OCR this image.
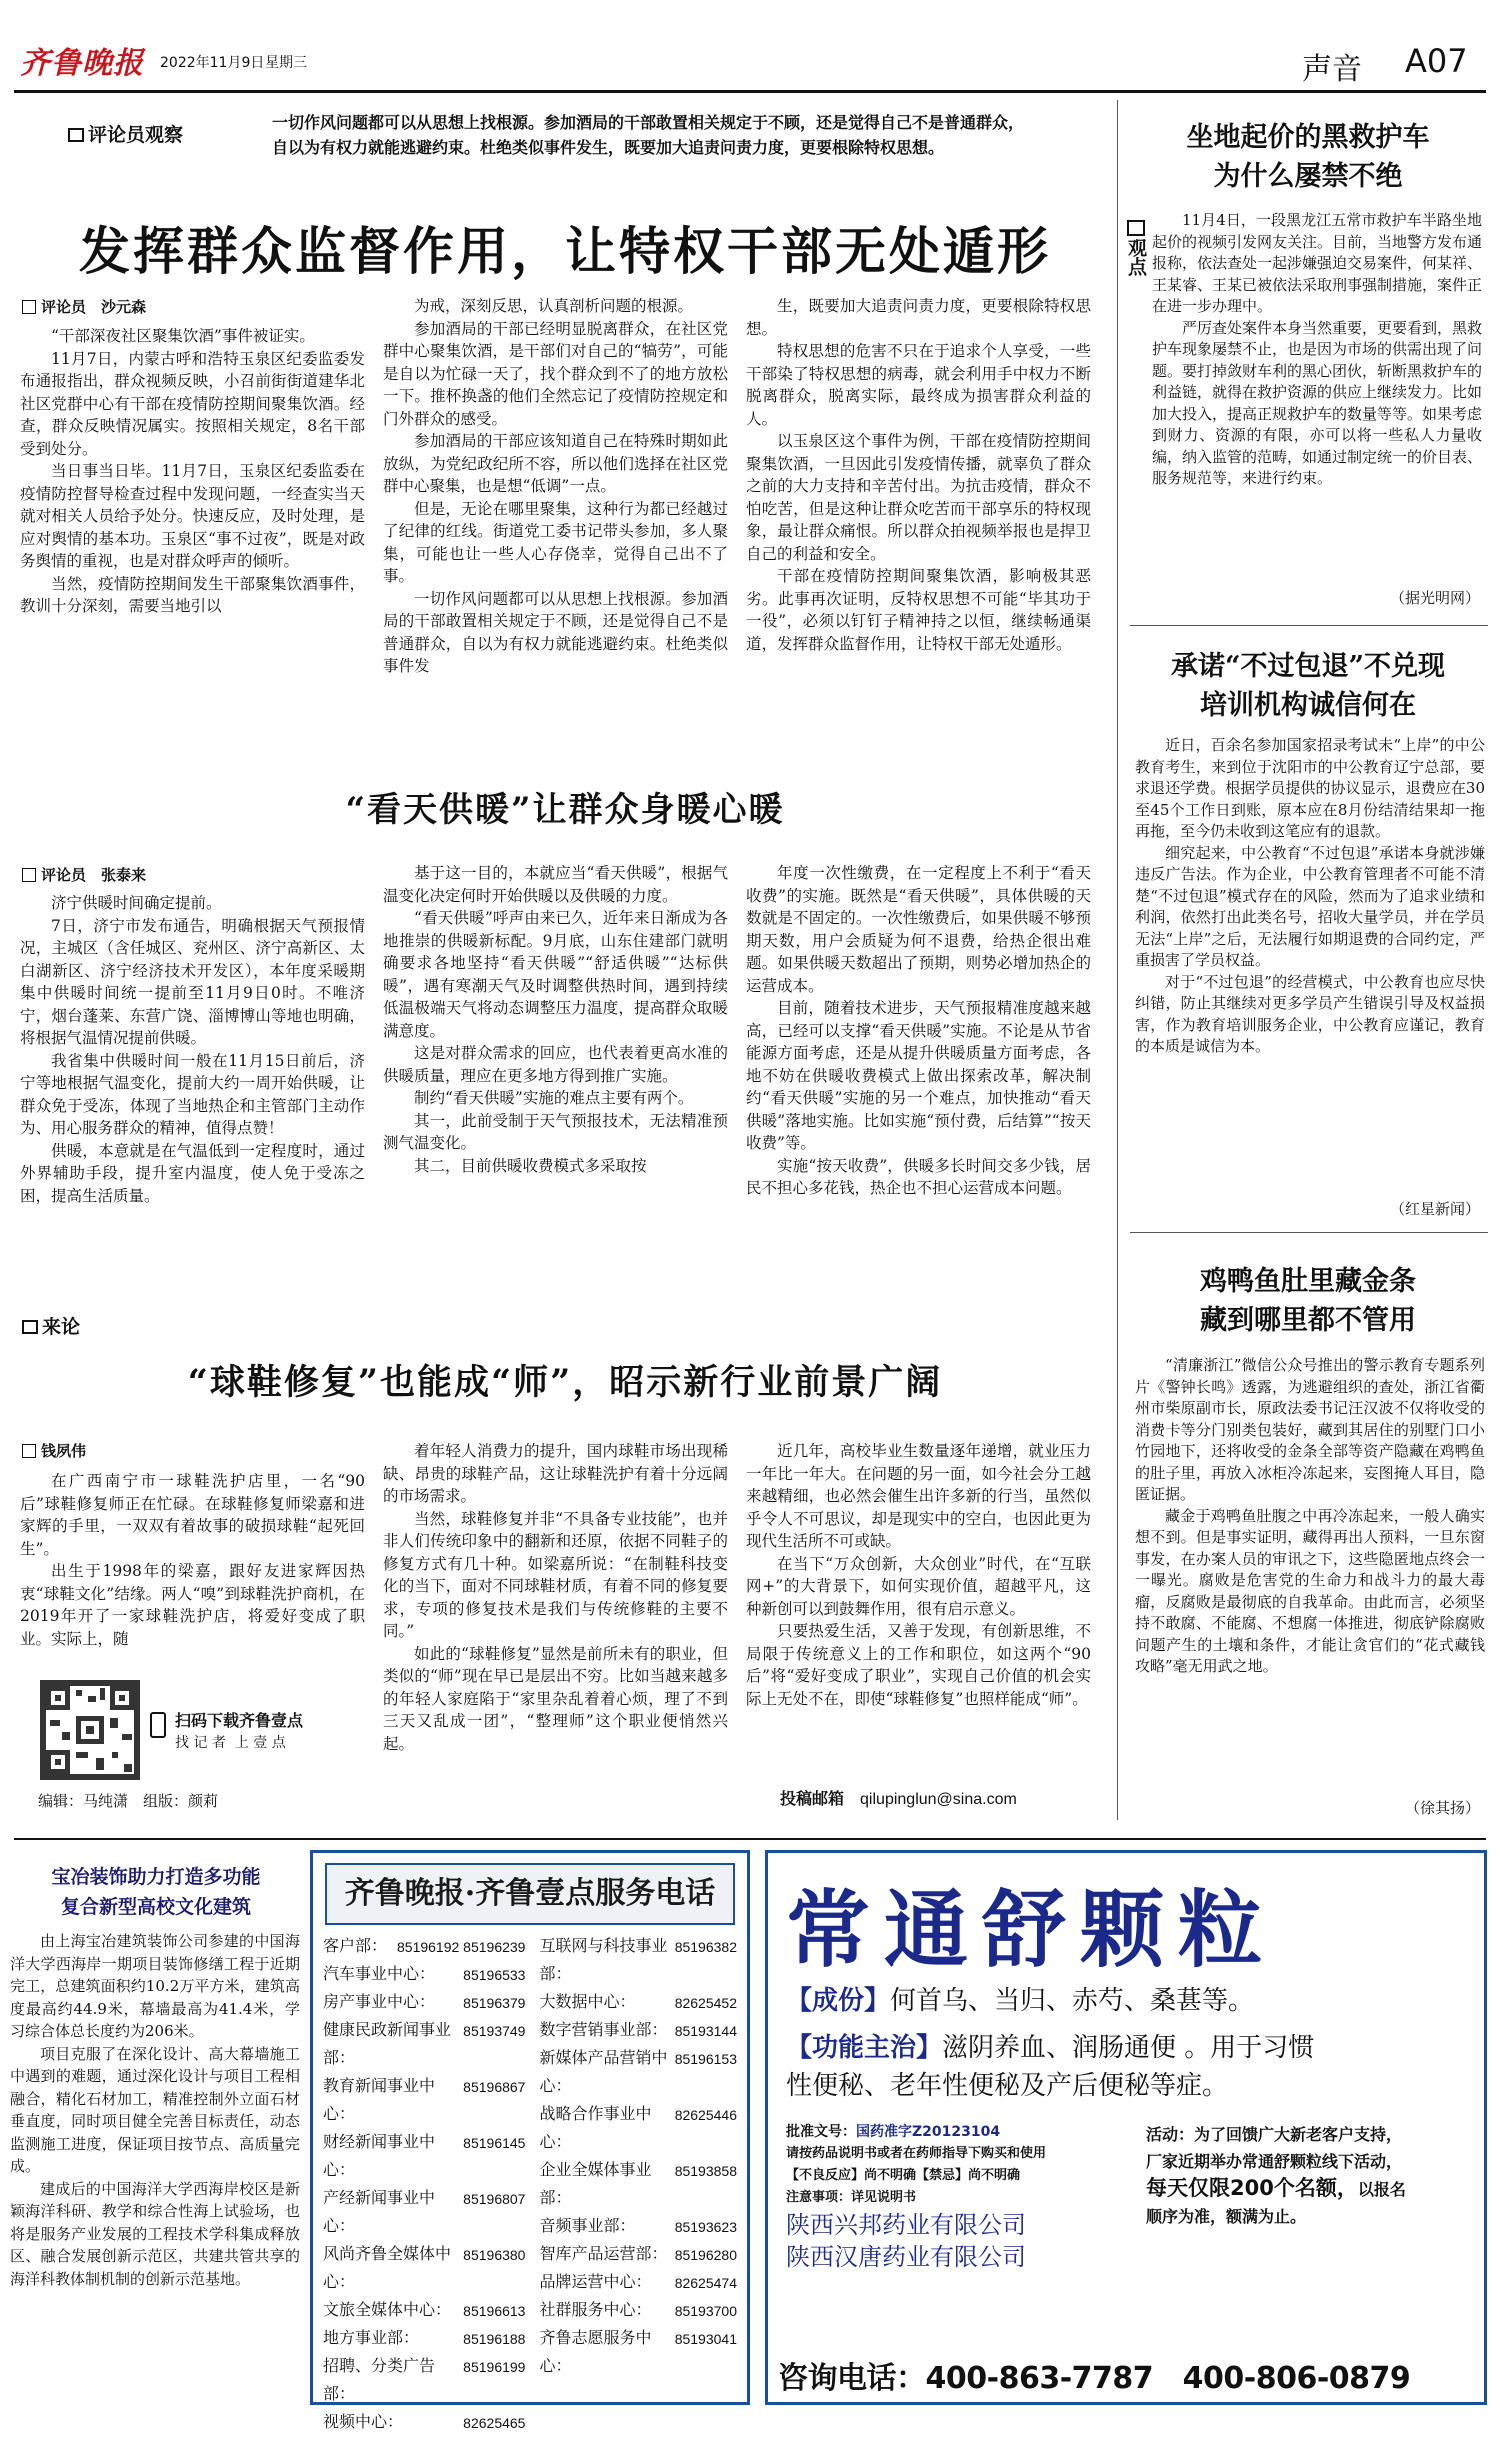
齐鲁晚报 2022年11月9日 星期三	声音 A07
评论员观察
一切作风问题都可以从思想上找根源。参加酒局的干部敢置相关规定于不顾，还是觉得自己不是普通群众，自以为有权力就能逃避约束。杜绝类似事件发生，既要加大追责问责力度，更要根除特权思想。
发挥群众监督作用，让特权干部无处遁形
评论员　 沙元森

“干部深夜社区聚集饮酒”事件被证实。

11月7日，内蒙古呼和浩特玉泉区纪委监委发布通报指出，群众视频反映，小召前街街道建华北社区党群中心有干部在疫情防控期间聚集饮酒。经查，群众反映情况属实。按照相关规定，8名干部受到处分。

当日事当日毕。11月7日，玉泉区纪委监委在疫情防控督导检查过程中发现问题，一经查实当天就对相关人员给予处分。快速反应，及时处理，是应对舆情的基本功。玉泉区“事不过夜”，既是对政务舆情的重视，也是对群众呼声的倾听。

当然，疫情防控期间发生干部聚集饮酒事件，教训十分深刻，需要当地引以

为戒，深刻反思，认真剖析问题的根源。

参加酒局的干部已经明显脱离群众，在社区党群中心聚集饮酒，是干部们对自己的“犒劳”，可能是自以为忙碌一天了，找个群众到不了的地方放松一下。推杯换盏的他们全然忘记了疫情防控规定和门外群众的感受。

参加酒局的干部应该知道自己在特殊时期如此放纵，为党纪政纪所不容，所以他们选择在社区党群中心聚集，也是想“低调”一点。

但是，无论在哪里聚集，这种行为都已经越过了纪律的红线。街道党工委书记带头参加，多人聚集，可能也让一些人心存侥幸，觉得自己出不了事。

一切作风问题都可以从思想上找根源。参加酒局的干部敢置相关规定于不顾，还是觉得自己不是普通群众，自以为有权力就能逃避约束。杜绝类似事件发

生，既要加大追责问责力度，更要根除特权思想。

特权思想的危害不只在于追求个人享受，一些干部染了特权思想的病毒，就会利用手中权力不断脱离群众，脱离实际，最终成为损害群众利益的人。

以玉泉区这个事件为例，干部在疫情防控期间聚集饮酒，一旦因此引发疫情传播，就辜负了群众之前的大力支持和辛苦付出。为抗击疫情，群众不怕吃苦，但是这种让群众吃苦而干部享乐的特权现象，最让群众痛恨。所以群众拍视频举报也是捍卫自己的利益和安全。

干部在疫情防控期间聚集饮酒，影响极其恶劣。此事再次证明，反特权思想不可能“毕其功于一役”，必须以钉钉子精神持之以恒，继续畅通渠道，发挥群众监督作用，让特权干部无处遁形。

“看天供暖”让群众身暖心暖
评论员　 张泰来

济宁供暖时间确定提前。

7日，济宁市发布通告，明确根据天气预报情况，主城区（含任城区、兖州区、济宁高新区、太白湖新区、济宁经济技术开发区），本年度采暖期集中供暖时间统一提前至11月9日0时。不唯济宁，烟台蓬莱、东营广饶、淄博博山等地也明确，将根据气温情况提前供暖。

我省集中供暖时间一般在11月15日前后，济宁等地根据气温变化，提前大约一周开始供暖，让群众免于受冻，体现了当地热企和主管部门主动作为、用心服务群众的精神，值得点赞！

供暖，本意就是在气温低到一定程度时，通过外界辅助手段，提升室内温度，使人免于受冻之困，提高生活质量。

基于这一目的，本就应当“看天供暖”，根据气温变化决定何时开始供暖以及供暖的力度。

“看天供暖”呼声由来已久，近年来日渐成为各地推崇的供暖新标配。9月底，山东住建部门就明确要求各地坚持“看天供暖”“舒适供暖”“达标供暖”，遇有寒潮天气及时调整供热时间，遇到持续低温极端天气将动态调整压力温度，提高群众取暖满意度。

这是对群众需求的回应，也代表着更高水准的供暖质量，理应在更多地方得到推广实施。

制约“看天供暖”实施的难点主要有两个。

其一，此前受制于天气预报技术，无法精准预测气温变化。

其二，目前供暖收费模式多采取按

年度一次性缴费，在一定程度上不利于“看天收费”的实施。既然是“看天供暖”，具体供暖的天数就是不固定的。一次性缴费后，如果供暖不够预期天数，用户会质疑为何不退费，给热企很出难题。如果供暖天数超出了预期，则势必增加热企的运营成本。

目前，随着技术进步，天气预报精准度越来越高，已经可以支撑“看天供暖”实施。不论是从节省能源方面考虑，还是从提升供暖质量方面考虑，各地不妨在供暖收费模式上做出探索改革，解决制约“看天供暖”实施的另一个难点，加快推动“看天供暖”落地实施。比如实施“预付费，后结算”“按天收费”等。

实施“按天收费”，供暖多长时间交多少钱，居民不担心多花钱，热企也不担心运营成本问题。

来论
“球鞋修复”也能成“师”，昭示新行业前景广阔
钱夙伟

在广西南宁市一球鞋洗护店里，一名“90后”球鞋修复师正在忙碌。在球鞋修复师梁嘉和进家辉的手里，一双双有着故事的破损球鞋“起死回生”。

出生于1998年的梁嘉，跟好友进家辉因热衷“球鞋文化”结缘。两人“嗅”到球鞋洗护商机，在2019年开了一家球鞋洗护店，将爱好变成了职业。实际上，随

着年轻人消费力的提升，国内球鞋市场出现稀缺、昂贵的球鞋产品，这让球鞋洗护有着十分远阔的市场需求。

当然，球鞋修复并非“不具备专业技能”，也并非人们传统印象中的翻新和还原，依据不同鞋子的修复方式有几十种。如梁嘉所说：“在制鞋科技变化的当下，面对不同球鞋材质，有着不同的修复要求，专项的修复技术是我们与传统修鞋的主要不同。”

如此的“球鞋修复”显然是前所未有的职业，但类似的“师”现在早已是层出不穷。比如当越来越多的年轻人家庭陷于“家里杂乱着着心烦，理了不到三天又乱成一团”，“整理师”这个职业便悄然兴起。

近几年，高校毕业生数量逐年递增，就业压力一年比一年大。在问题的另一面，如今社会分工越来越精细，也必然会催生出许多新的行当，虽然似乎令人不可思议，却是现实中的空白，也因此更为现代生活所不可或缺。

在当下“万众创新，大众创业”时代，在“互联网+”的大背景下，如何实现价值，超越平凡，这种新创可以到鼓舞作用，很有启示意义。

只要热爱生活，又善于发现，有创新思维，不局限于传统意义上的工作和职位，如这两个“90后”将“爱好变成了职业”，实现自己价值的机会实际上无处不在，即使“球鞋修复”也照样能成“师”。

扫码下载齐鲁壹点
找 记 者  上 壹 点
编辑：马纯潇　组版：颜莉	投稿邮箱　 qilupinglun@sina.com
观点
坐地起价的黑救护车
为什么屡禁不绝

11月4日，一段黑龙江五常市救护车半路坐地起价的视频引发网友关注。目前，当地警方发布通报称，依法查处一起涉嫌强迫交易案件，何某祥、王某睿、王某已被依法采取刑事强制措施，案件正在进一步办理中。

严厉查处案件本身当然重要，更要看到，黑救护车现象屡禁不止，也是因为市场的供需出现了问题。要打掉敛财车利的黑心团伙，斩断黑救护车的利益链，就得在救护资源的供应上继续发力。比如加大投入，提高正规救护车的数量等等。如果考虑到财力、资源的有限，亦可以将一些私人力量收编，纳入监管的范畴，如通过制定统一的价目表、服务规范等，来进行约束。

（据光明网）
承诺“不过包退”不兑现
培训机构诚信何在

近日，百余名参加国家招录考试未“上岸”的中公教育考生，来到位于沈阳市的中公教育辽宁总部，要求退还学费。根据学员提供的协议显示，退费应在30至45个工作日到账，原本应在8月份结清结果却一拖再拖，至今仍未收到这笔应有的退款。

细究起来，中公教育“不过包退”承诺本身就涉嫌违反广告法。作为企业，中公教育管理者不可能不清楚“不过包退”模式存在的风险，然而为了追求业绩和利润，依然打出此类名号，招收大量学员，并在学员无法“上岸”之后，无法履行如期退费的合同约定，严重损害了学员权益。

对于“不过包退”的经营模式，中公教育也应尽快纠错，防止其继续对更多学员产生错误引导及权益损害，作为教育培训服务企业，中公教育应谨记，教育的本质是诚信为本。

（红星新闻）
鸡鸭鱼肚里藏金条
藏到哪里都不管用

“清廉浙江”微信公众号推出的警示教育专题系列片《警钟长鸣》透露，为逃避组织的查处，浙江省衢州市柴原副市长，原政法委书记汪汉波不仅将收受的消费卡等分门别类包装好，藏到其居住的别墅门口小竹园地下，还将收受的金条全部等资产隐藏在鸡鸭鱼的肚子里，再放入冰柜冷冻起来，妄图掩人耳目，隐匿证据。

藏金于鸡鸭鱼肚腹之中再冷冻起来，一般人确实想不到。但是事实证明，藏得再出人预料，一旦东窗事发，在办案人员的审讯之下，这些隐匿地点终会一一曝光。腐败是危害党的生命力和战斗力的最大毒瘤，反腐败是最彻底的自我革命。由此而言，必须坚持不敢腐、不能腐、不想腐一体推进，彻底铲除腐败问题产生的土壤和条件，才能让贪官们的“花式藏钱攻略”毫无用武之地。

（徐其扬）
宝冶装饰助力打造多功能
复合新型高校文化建筑

由上海宝冶建筑装饰公司参建的中国海洋大学西海岸一期项目装饰修缮工程于近期完工，总建筑面积约10.2万平方米，建筑高度最高约44.9米，幕墙最高为41.4米，学习综合体总长度约为206米。

项目克服了在深化设计、高大幕墙施工中遇到的难题，通过深化设计与项目工程相融合，精化石材加工，精准控制外立面石材垂直度，同时项目健全完善目标责任，动态监测施工进度，保证项目按节点、高质量完成。

建成后的中国海洋大学西海岸校区是新颖海洋科研、教学和综合性海上试验场，也将是服务产业发展的工程技术学科集成释放区、融合发展创新示范区，共建共管共享的海洋科教体制机制的创新示范基地。

齐鲁晚报·齐鲁壹点服务电话
客户部： 85196192 85196239
汽车事业中心： 85196533
房产事业中心： 85196379
健康民政新闻事业部：
85193749
教育新闻事业中心：
85196867
财经新闻事业中心：
85196145
产经新闻事业中心：
85196807
风尚齐鲁全媒体中心：
85196380
文旅全媒体中心： 85196613
地方事业部：	85196188
招聘、分类广告部：
85196199
视频中心：	82625465
互联网与科技事业部：
85196382
大数据中心：	82625452
数字营销事业部： 85193144
新媒体产品营销中心：
85196153
战略合作事业中心：
82625446
企业全媒体事业部：
85193858
音频事业部：	85193623
智库产品运营部： 85196280
品牌运营中心： 82625474
社群服务中心： 85193700
齐鲁志愿服务中心：
85193041
常通舒颗粒
【成份】何首乌、当归、赤芍、桑葚等。
【功能主治】滋阴养血、润肠通便 。用于习惯
性便秘、老年性便秘及产后便秘等症。
批准文号：国药准字Z20123104
请按药品说明书或者在药师指导下购买和使用
【不良反应】尚不明确【禁忌】尚不明确
注意事项：详见说明书
陕西兴邦药业有限公司
陕西汉唐药业有限公司
活动：为了回馈广大新老客户支持，
厂家近期举办常通舒颗粒线下活动，
每天仅限200个名额，以报名
顺序为准，额满为止。
咨询电话：400-863-7787　 400-806-0879
